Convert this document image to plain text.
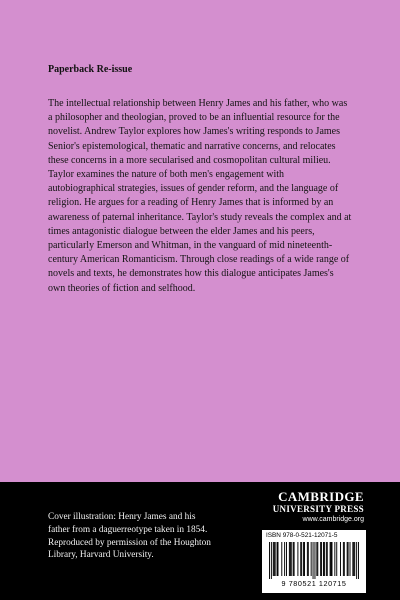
Paperback Re-issue

The intellectual relationship between Henry James and his father, who was a philosopher and theologian, proved to be an influential resource for the novelist. Andrew Taylor explores how James's writing responds to James Senior's epistemological, thematic and narrative concerns, and relocates these concerns in a more secularised and cosmopolitan cultural milieu. Taylor examines the nature of both men's engagement with autobiographical strategies, issues of gender reform, and the language of religion. He argues for a reading of Henry James that is informed by an awareness of paternal inheritance. Taylor's study reveals the complex and at times antagonistic dialogue between the elder James and his peers, particularly Emerson and Whitman, in the vanguard of mid nineteenth-century American Romanticism. Through close readings of a wide range of novels and texts, he demonstrates how this dialogue anticipates James's own theories of fiction and selfhood.

Cover illustration: Henry James and his father from a daguerreotype taken in 1854. Reproduced by permission of the Houghton Library, Harvard University.

CAMBRIDGE
UNIVERSITY PRESS
www.cambridge.org
ISBN 978-0-521-12071-5
9 780521 120715
